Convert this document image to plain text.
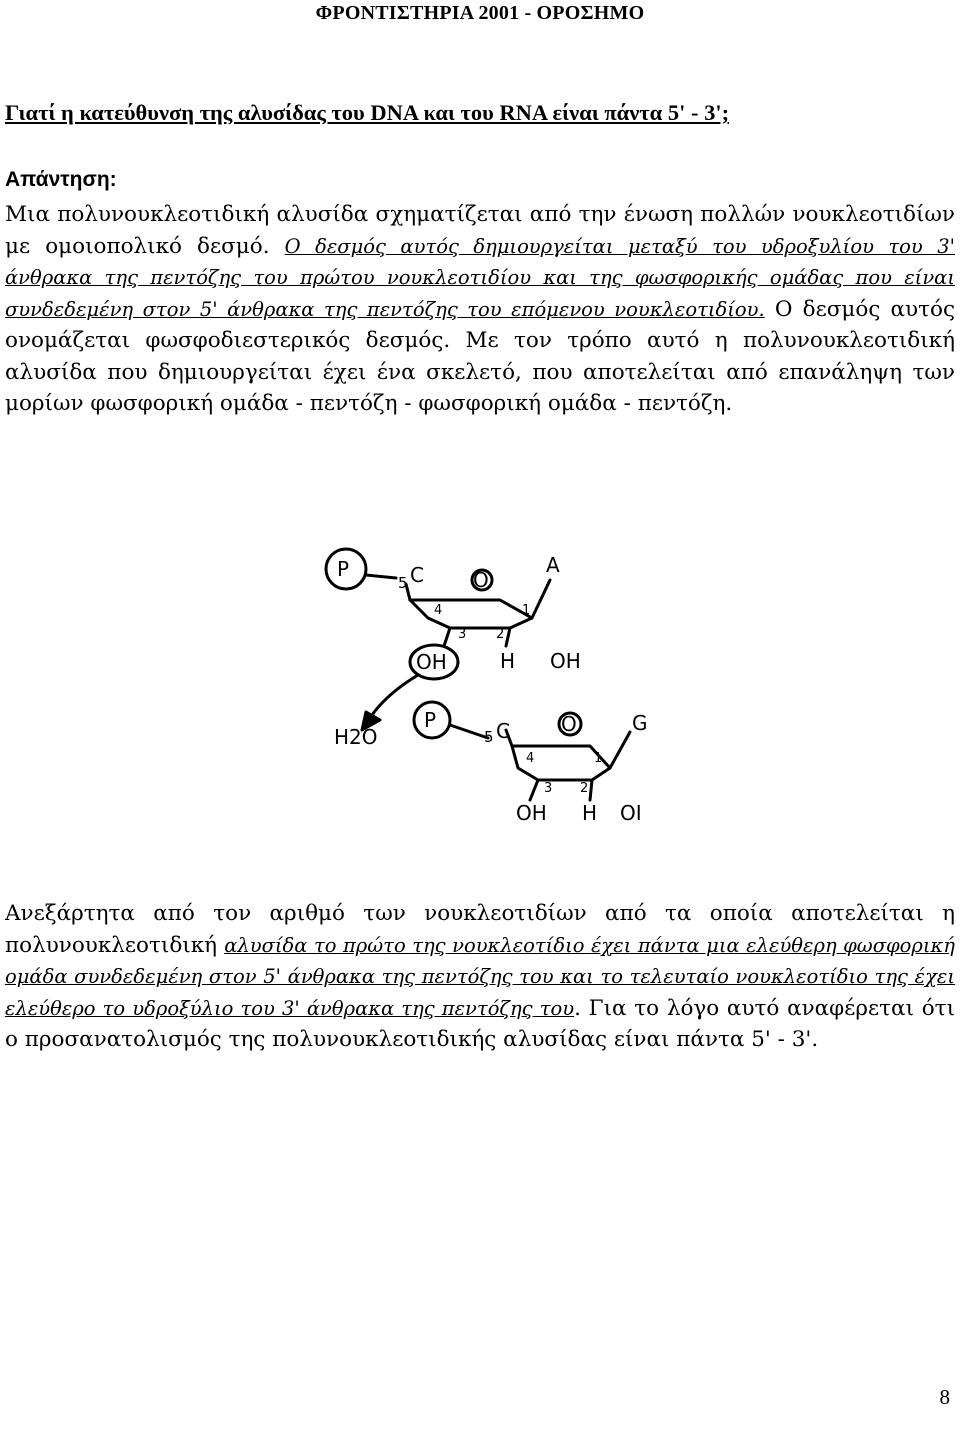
ΦΡΟΝΤΙΣΤΗΡΙΑ 2001 - ΟΡΟΣΗΜΟ
Γιατί η κατεύθυνση της αλυσίδας του DNA και του RNA είναι πάντα 5' - 3';
Απάντηση:

Μια πολυνουκλεοτιδική αλυσίδα σχηματίζεται από την ένωση πολλών νουκλεοτιδίων με ομοιοπολικό δεσμό. Ο δεσμός αυτός δημιουργείται μεταξύ του υδροξυλίου του 3' άνθρακα της πεντόζης του πρώτου νουκλεοτιδίου και της φωσφορικής ομάδας που είναι συνδεδεμένη στον 5' άνθρακα της πεντόζης του επόμενου νουκλεοτιδίου. Ο δεσμός αυτός ονομάζεται φωσφοδιεστερικός δεσμός. Με τον τρόπο αυτό η πολυνουκλεοτιδική αλυσίδα που δημιουργείται έχει ένα σκελετό, που αποτελείται από επανάληψη των μορίων φωσφορική ομάδα - πεντόζη - φωσφορική ομάδα - πεντόζη.

P
5 C O
A
4	1
3 2
OH	H OH
H2O
P
5 C	O	G
4	1
3 2
OH H OI

Ανεξάρτητα από τον αριθμό των νουκλεοτιδίων από τα οποία αποτελείται η πολυνουκλεοτιδική αλυσίδα το πρώτο της νουκλεοτίδιο έχει πάντα μια ελεύθερη φωσφορική ομάδα συνδεδεμένη στον 5' άνθρακα της πεντόζης του και το τελευταίο νουκλεοτίδιο της έχει ελεύθερο το υδροξύλιο του 3' άνθρακα της πεντόζης του. Για το λόγο αυτό αναφέρεται ότι ο προσανατολισμός της πολυνουκλεοτιδικής αλυσίδας είναι πάντα 5' - 3'.

8
